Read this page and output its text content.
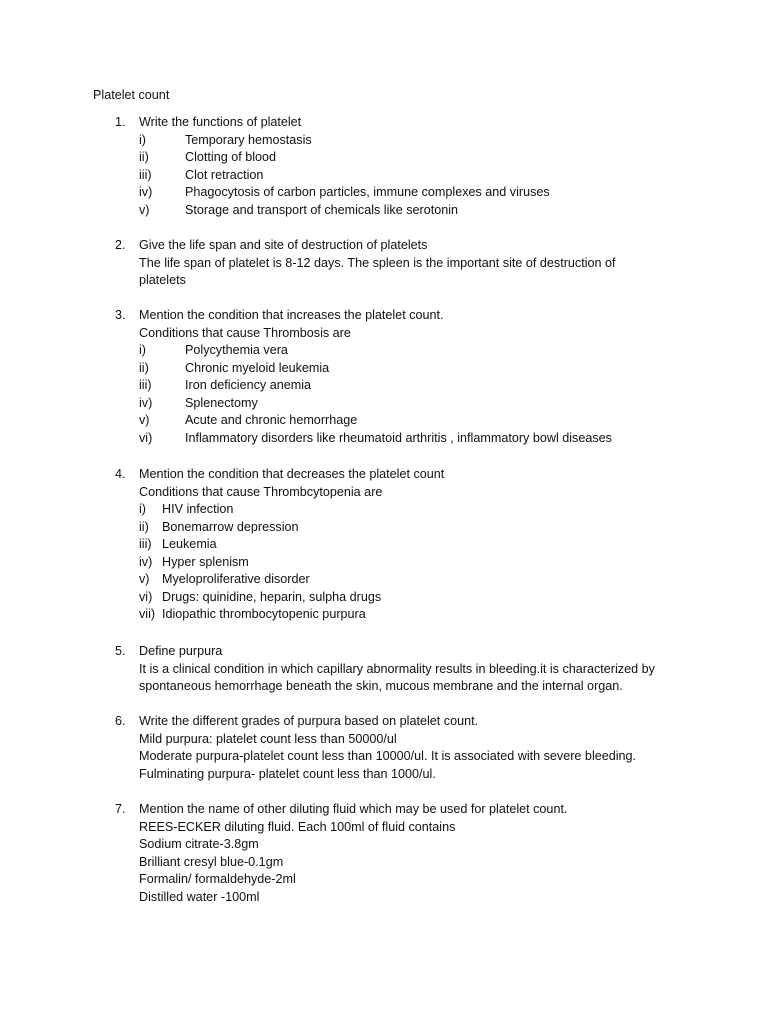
Platelet count
1. Write the functions of platelet
i)	Temporary hemostasis
ii)	Clotting of blood
iii)	Clot retraction
iv)	Phagocytosis of carbon particles, immune complexes and viruses
v)	Storage and transport of chemicals like serotonin
2. Give the life span and site of destruction of platelets
The life span of platelet is 8-12 days. The spleen is the important site of destruction of platelets
3. Mention the condition that increases the platelet count.
Conditions that cause Thrombosis are
i)	Polycythemia vera
ii)	Chronic myeloid leukemia
iii)	Iron deficiency anemia
iv)	Splenectomy
v)	Acute and chronic hemorrhage
vi)	Inflammatory disorders like rheumatoid arthritis , inflammatory bowl diseases
4. Mention the condition that decreases the platelet count
Conditions that cause Thrombcytopenia are
i) HIV infection
ii) Bonemarrow depression
iii) Leukemia
iv) Hyper splenism
v) Myeloproliferative disorder
vi) Drugs: quinidine, heparin, sulpha drugs
vii) Idiopathic thrombocytopenic purpura
5. Define purpura
It is a clinical condition in which capillary abnormality results in bleeding.it is characterized by spontaneous hemorrhage beneath the skin, mucous membrane and the internal organ.
6. Write the different grades of purpura based on platelet count.
Mild purpura: platelet count less than 50000/ul
Moderate purpura-platelet count less than 10000/ul. It is associated with severe bleeding.
Fulminating purpura- platelet count less than 1000/ul.
7. Mention the name of other diluting fluid which may be used for platelet count.
REES-ECKER diluting fluid. Each 100ml of fluid contains
Sodium citrate-3.8gm
Brilliant cresyl blue-0.1gm
Formalin/ formaldehyde-2ml
Distilled water -100ml
